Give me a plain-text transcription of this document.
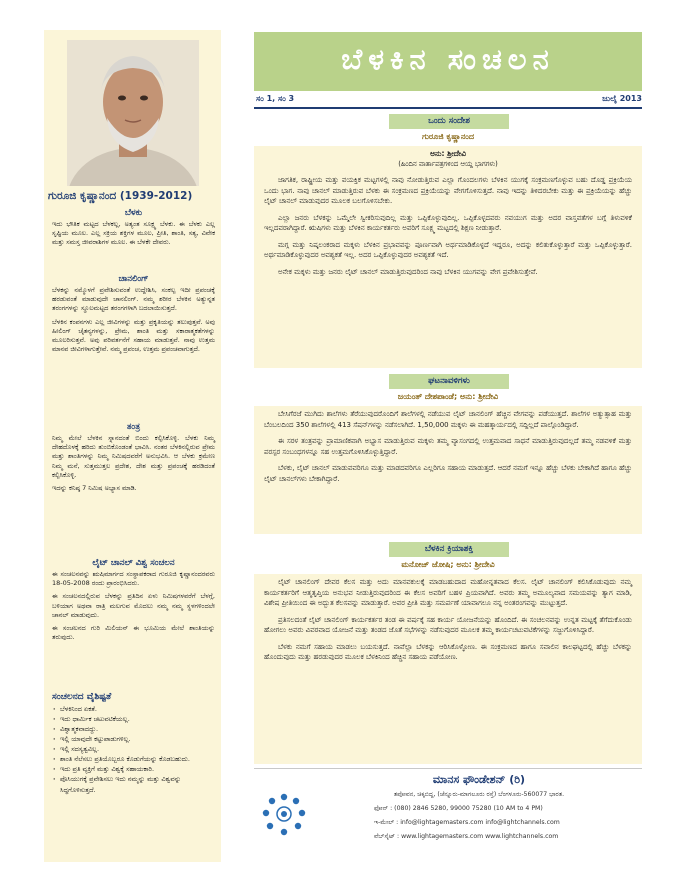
ಗುರೂಜಿ ಕೃಷ್ಣಾನಂದ (1939-2012)
ಬೆಳಕು

ಇದು ಭೌತಿಕ ಮಟ್ಟದ ಬೆಳಕಲ್ಲ, ಅತ್ಯಂತ ಸೂಕ್ಷ್ಮ ಬೆಳಕು. ಈ ಬೆಳಕು ಎಲ್ಲ ಸೃಷ್ಟಿಯ ಮೂಲ. ಎಲ್ಲ ಸಕ್ರಿಯ ಶಕ್ತಿಗಳ ಮೂಲ, ಪ್ರೀತಿ, ಶಾಂತಿ, ಸತ್ಯ, ವಿವೇಕ ಮತ್ತು ಸಮಸ್ತ ಜೀವರಾಶಿಗಳ ಮೂಲ. ಈ ಬೆಳಕೇ ದೇವರು.

ಚಾನಲಿಂಗ್

ಬೆಳಕನ್ನು ನಮ್ಮೊಳಗೆ ಪ್ರವೇಶಿಸುವಂತೆ ಉದ್ದೇಶಿಸಿ, ಸಂಕಲ್ಪ ಇದೀ ಪ್ರಪಂಚಕ್ಕೆ ಹರಡುವಂತೆ ಮಾಡುವುದೇ ಚಾನಲಿಂಗ್. ನಮ್ಮ ಶರೀರ ಬೆಳಕಿನ ಅತ್ಯುನ್ನತ ತರಂಗಗಳನ್ನು ಸ್ಥೂಲಮಟ್ಟದ ತರಂಗಗಳಾಗಿ ಬದಲಾಯಿಸುತ್ತದೆ.

ಬೆಳಕಿನ ಕಂಪನಗಳು ಎಲ್ಲ ಜೀವಿಗಳನ್ನು ಮತ್ತು ಪ್ರಕೃತಿಯನ್ನು ತಲುಪುತ್ತವೆ. ಅವು ಹೀಲಿಂಗ್ ಚೈತನ್ಯಗಳನ್ನು, ಪ್ರೇಮ, ಶಾಂತಿ ಮತ್ತು ಸಕಾರಾತ್ಮಕತೆಗಳನ್ನು ಮೂಲರಿಸುತ್ತವೆ. ಅವು ಪರಿವರ್ತನೆಗೆ ಸಹಾಯ ಮಾಡುತ್ತವೆ. ನಾವು ಉತ್ತಮ ಮಾನವ ಜೀವಿಗಳಾಗುತ್ತೇವೆ. ನಮ್ಮ ಪ್ರಪಂಚ, ಉತ್ತಮ ಪ್ರಪಂಚವಾಗುತ್ತದೆ.

ತಂತ್ರ

ನಿಮ್ಮ ಮೇಲೆ ಬೆಳಕಿನ ಸ್ನಾನದಂತೆ ಬಿಂದು ಕಲ್ಪಿಸಿಕೊಳ್ಳಿ. ಬೆಳಕು ನಿಮ್ಮ ದೇಹದೊಳಕ್ಕೆ ಹರಿದು ತುಂಬಿಕೊಂಡಂತೆ ಭಾವಿಸಿ. ನಂತರ ಬೆಳಕಿನಲ್ಲಿರುವ ಪ್ರೇಮ ಮತ್ತು ಶಾಂತಿಗಳನ್ನು ನಿಮ್ಮ ನಿಮಿಷದವರೆಗೆ ಅನುಭವಿಸಿ. ಆ ಬೆಳಕು ಕ್ರಮೇಣ ನಿಮ್ಮ ಮನೆ, ಸುತ್ತಮುತ್ತಲ ಪ್ರದೇಶ, ದೇಶ ಮತ್ತು ಪ್ರಪಂಚಕ್ಕೆ ಹರಡಿದಂತೆ ಕಲ್ಪಿಸಿಕೊಳ್ಳಿ.

ಇದನ್ನು ಕನಿಷ್ಠ 7 ನಿಮಿಷ ಅಭ್ಯಾಸ ಮಾಡಿ.

ಲೈಟ್ ಚಾನಲ್ ವಿಶ್ವ ಸಂಚಲನ

ಈ ಸಂಚಲನವನ್ನು ಋಷಿಮಾರ್ಗದ ಸಂಸ್ಥಾಪಕರಾದ ಗುರೂಜಿ ಕೃಷ್ಣಾನಂದರವರು 18-05-2008 ರಂದು ಪ್ರಾರಂಭಿಸಿದರು.

ಈ ಸಂಚಲನದಲ್ಲಿರುವ ಬೆಳಕನ್ನು ಪ್ರತಿದಿನ ಏಳು ನಿಮಿಷಗಳವರೆಗೆ ಬೆಳಗ್ಗೆ, ಬಳಿಯಾಗ ಅಥವಾ ರಾತ್ರಿ ಮಲಗುವ ಮೊದಲು ನಮ್ಮ ನಮ್ಮ ಸ್ಥಳಗಳಿಂದಲೇ ಚಾನಲ್ ಮಾಡುವುದು.

ಈ ಸಂಚಲನದ ಗುರಿ ಮಿಲಿಯನ್ ಈ ಭೂಮಿಯ ಮೇಲೆ ಶಾಂತಿಯನ್ನು ತರುವುದು.

ಸಂಚಲನದ ವೈಶಿಷ್ಟತೆ
· ಬೆಳಕಿನಿಂದ ಏಕತೆ.
· ಇದು ಧಾರ್ಮಿಕ ಚಟುವಟಿಕೆಯಲ್ಲ.
· ವಿಶ್ವಾತ್ಮಕವಾದದ್ದು.
· ಇಲ್ಲಿ ಯಾವುದೇ ಕಟ್ಟುಪಾಡುಗಳಿಲ್ಲ.
· ಇಲ್ಲಿ ಸದಸ್ಯತ್ವವಿಲ್ಲ.
· ಶಾಂತಿ ನೆಲೆಸಲು ಪ್ರತಿಯೊಬ್ಬರೂ ಕೊಡುಗೆಯನ್ನು ಕೊಡಬಹುದು.
· ಇದು ಪ್ರತಿ ವ್ಯಕ್ತಿಗೆ ಮತ್ತು ವಿಶ್ವಕ್ಕೆ ಸಹಾಯಕಾರಿ.
· ಪೊಸಿಯುಗಕ್ಕೆ ಪ್ರವೇಶಿಸಲು ಇದು ನಮ್ಮನ್ನು ಮತ್ತು ವಿಶ್ವವನ್ನು ಸಿದ್ಧಗೊಳಿಸುತ್ತದೆ.
ಬೆಳಕಿನ ಸಂಚಲನ
ಸಂ 1, ಸಂ 3	ಜುಲೈ 2013
ಒಂದು ಸಂದೇಶ
ಗುರೂಜಿ ಕೃಷ್ಣಾನಂದ
ಅನು: ಶ್ರೀದೇವಿ
(ಹಿಂದಿನ ವಾರ್ತಾಪತ್ರಗಳಿಂದ ಆಯ್ದ ಭಾಗಗಳು)

ಜಾಗತಿಕ, ರಾಷ್ಟ್ರೀಯ ಮತ್ತು ವಯಕ್ತಿಕ ಮಟ್ಟಗಳಲ್ಲಿ ನಾವು ನೋಡುತ್ತಿರುವ ಎಲ್ಲಾ ಗೊಂದಲಗಳು ಬೆಳಕಿನ ಯುಗಕ್ಕೆ ಸಂಕ್ರಮಣಗೊಳ್ಳುವ ಬಹು ದೊಡ್ಡ ಪ್ರಕ್ರಿಯೆಯ ಒಂದು ಭಾಗ. ನಾವು ಚಾನಲ್ ಮಾಡುತ್ತಿರುವ ಬೆಳಕು ಈ ಸಂಕ್ರಮಣದ ಪ್ರಕ್ರಿಯೆಯನ್ನು ವೇಗಗೊಳಿಸುತ್ತದೆ. ನಾವು ಇದನ್ನು ತಿಳಿದರಬೇಕು ಮತ್ತು ಈ ಪ್ರಕ್ರಿಯೆಯನ್ನು ಹೆಚ್ಚು ಲೈಟ್ ಚಾನಲ್ ಮಾಡುವುದರ ಮೂಲಕ ಬಲಗೊಳಿಸಬೇಕು.

ಎಲ್ಲಾ ಜನರು ಬೆಳಕನ್ನು ಒಮ್ಮೆಲೇ ಸ್ವೀಕರಿಸುವುದಿಲ್ಲ ಮತ್ತು ಒಪ್ಪಿಕೊಳ್ಳುವುದಿಲ್ಲ. ಒಪ್ಪಿಕೊಳ್ಳದವರು ನವಯುಗ ಮತ್ತು ಅದರ ವಾಸ್ತವತೆಗಳ ಬಗ್ಗೆ ತಿಳುವಳಿಕೆ ಇಲ್ಲದವರಾಗಿದ್ದಾರೆ. ಋಷಿಗಳು ಮತ್ತು ಬೆಳಕಿನ ಕಾರ್ಯಕರ್ತರು ಅವರಿಗೆ ಸೂಕ್ಷ್ಮ ಮಟ್ಟದಲ್ಲಿ ಶಿಕ್ಷಣ ನೀಡುತ್ತಾರೆ.

ಮಗ್ಗ ಮತ್ತು ನಿಷ್ಕಲಂಕರಾದ ಮಕ್ಕಳು ಬೆಳಕಿನ ಪ್ರಭಾವವನ್ನು ಪೂರ್ಣವಾಗಿ ಅರ್ಥಮಾಡಿಕೊಳ್ಳದೆ ಇದ್ದರೂ, ಅದನ್ನು ಕಲಿತುಕೊಳ್ಳುತ್ತಾರೆ ಮತ್ತು ಒಪ್ಪಿಕೊಳ್ಳುತ್ತಾರೆ. ಅರ್ಥಮಾಡಿಕೊಳ್ಳುವುದರ ಅವಶ್ಯಕತೆ ಇಲ್ಲ. ಅದರ ಒಪ್ಪಿಕೊಳ್ಳುವುದರ ಅವಶ್ಯಕತೆ ಇದೆ.

ಅನೇಕ ಮಕ್ಕಳು ಮತ್ತು ಜನರು ಲೈಟ್ ಚಾನಲ್ ಮಾಡುತ್ತಿರುವುದರಿಂದ ನಾವು ಬೆಳಕಿನ ಯುಗವನ್ನು ವೇಗ ಪ್ರವೇಶಿಸುತ್ತೇವೆ.

ಘಟನಾವಳಿಗಳು
ಜಯಂತ್ ದೇಶಪಾಂಡೆ; ಅನು: ಶ್ರೀದೇವಿ

ಬೇಸಿಗೆರಜೆ ಮುಗಿದು ಶಾಲೆಗಳು ತೆರೆಯುವುದರೊಂದಿಗೆ ಶಾಲೆಗಳಲ್ಲಿ ನಡೆಯುವ ಲೈಟ್ ಚಾನಲಿಂಗ್ ಹೆಚ್ಚಿನ ವೇಗವನ್ನು ಪಡೆಯುತ್ತದೆ. ಶಾಲೆಗಳ ಅತ್ಯುತ್ಸಾಹ ಮತ್ತು ಬೆಂಬಲದಿಂದ 350 ಶಾಲೆಗಳಲ್ಲಿ 413 ಸೆಷನ್‌ಗಳನ್ನು ನಡೆಸಲಾಗಿದೆ. 1,50,000 ಮಕ್ಕಳು ಈ ಮಹತ್ಕಾರ್ಯದಲ್ಲಿ ಸದ್ದಿಲ್ಲದೆ ಪಾಲ್ಗೊಂಡಿದ್ದಾರೆ.

ಈ ಸರಳ ತಂತ್ರವನ್ನು ಪ್ರಾಮಾಣಿಕವಾಗಿ ಅಭ್ಯಾಸ ಮಾಡುತ್ತಿರುವ ಮಕ್ಕಳು ತಮ್ಮ ವ್ಯಾಸಂಗದಲ್ಲಿ ಉತ್ತಮವಾದ ಸಾಧನೆ ಮಾಡುತ್ತಿರುವುದಲ್ಲದೆ ತಮ್ಮ ನಡವಳಿಕೆ ಮತ್ತು ಪರಸ್ಪರ ಸಂಬಂಧಗಳನ್ನೂ ಸಹ ಉತ್ತಮಗೊಳಿಸಿಕೊಳ್ಳುತ್ತಿದ್ದಾರೆ.

ಬೆಳಕು, ಲೈಟ್ ಚಾನಲ್ ಮಾಡುವವರಿಗೂ ಮತ್ತು ಮಾಡದವರಿಗೂ ಎಲ್ಲರಿಗೂ ಸಹಾಯ ಮಾಡುತ್ತದೆ. ಆದರೆ ನಮಗೆ ಇನ್ನೂ ಹೆಚ್ಚು ಬೆಳಕು ಬೇಕಾಗಿದೆ ಹಾಗೂ ಹೆಚ್ಚು ಲೈಟ್ ಚಾನಲ್‌ಗಳು ಬೇಕಾಗಿದ್ದಾರೆ.

ಬೆಳಕಿನ ಕ್ರಿಯಾಶಕ್ತಿ
ಮನೋಜ್ ಜೋಷಿ; ಅನು: ಶ್ರೀದೇವಿ

ಲೈಟ್ ಚಾನಲಿಂಗ್ ದೇವರ ಕೆಲಸ ಮತ್ತು ಅದು ಮಾನವಕುಲಕ್ಕೆ ಮಾಡಬಹುದಾದ ಮಹೋನ್ನತವಾದ ಕೆಲಸ. ಲೈಟ್ ಚಾನಲಿಂಗ್ ಕಲಿಸಿಕೊಡುವುದು ನಮ್ಮ ಕಾರ್ಯಕರ್ತರಿಗೆ ಆತ್ಮತೃಪ್ತಿಯ ಅನುಭವ ನೀಡುತ್ತಿರುವುದರಿಂದ ಈ ಕೆಲಸ ಅವರಿಗೆ ಬಹಳ ಪ್ರಿಯವಾಗಿದೆ. ಅವರು ತಮ್ಮ ಅಮೂಲ್ಯವಾದ ಸಮಯವನ್ನು ತ್ಯಾಗ ಮಾಡಿ, ವಿಶೇಷ ಪ್ರೀತಿಯಿಂದ ಈ ಅದ್ಭುತ ಕೆಲಸವನ್ನು ಮಾಡುತ್ತಾರೆ. ಅವರ ಪ್ರೀತಿ ಮತ್ತು ಸಮರ್ಪಣೆ ಯಾವಾಗಲೂ ನನ್ನ ಅಂತರಂಗವನ್ನು ಮುಟ್ಟುತ್ತದೆ.

ಪ್ರತಿಸಲದಂತೆ ಲೈಟ್ ಚಾನಲಿಂಗ್ ಕಾರ್ಯಕರ್ತರ ತಂಡ ಈ ವರ್ಷಕ್ಕೆ ಸಹ ಕಾರ್ಯ ಯೋಜನೆಯನ್ನು ಹೊಂದಿದೆ. ಈ ಸಂಚಲನವನ್ನು ಉನ್ನತ ಮಟ್ಟಕ್ಕೆ ತೆಗೆದುಕೊಂಡು ಹೋಗಲು ಅವರು ವಿವರವಾದ ಯೋಜನೆ ಮತ್ತು ತಂಡದ ಜೊತೆ ಸಭೆಗಳನ್ನು ನಡೆಸುವುದರ ಮೂಲಕ ತಮ್ಮ ಕಾರ್ಯಚಟುವಟಿಕೆಗಳನ್ನು ಸಜ್ಜುಗೊಳಿಸಿದ್ದಾರೆ.

ಬೆಳಕು ನಮಗೆ ಸಹಾಯ ಮಾಡಲು ಬಯಸುತ್ತದೆ. ನಾವೆಲ್ಲಾ ಬೆಳಕನ್ನು ಆರಿಸಿಕೊಳ್ಳೋಣ. ಈ ಸಂಕ್ರಮಣದ ಹಾಗೂ ಸವಾಲಿನ ಕಾಲಘಟ್ಟದಲ್ಲಿ ಹೆಚ್ಚು ಬೆಳಕನ್ನು ಹೊಂದುವುದು ಮತ್ತು ಹರಡುವುದರ ಮೂಲಕ ಬೆಳಕಿನಿಂದ ಹೆಚ್ಚಿನ ಸಹಾಯ ಪಡೆಯೋಣ.

ಮಾನಸ ಫೌಂಡೇಶನ್ (ರಿ)
ತಪೋವನ, ಚಿಕ್ಕಬಿದ್ದ, (ಜೆನ್ನೂರು-ಮಾಗಲೂರು ರಸ್ತೆ) ಬೆಂಗಳೂರು-560077 ಭಾರತ.
ಫೋನ್ : (080) 2846 5280, 99000 75280 (10 AM to 4 PM)
ಇ-ಮೇಲ್ : info@lightagemasters.com info@lightchannels.com
ವೆಬ್‌ಸೈಟ್ : www.lightagemasters.com www.lightchannels.com
